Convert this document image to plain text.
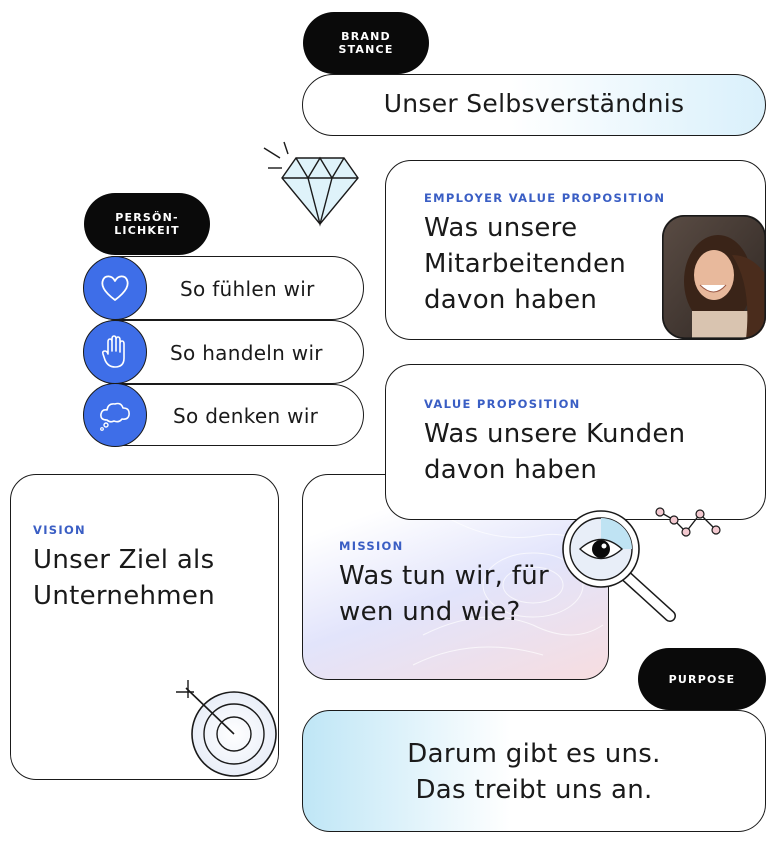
Unser Selbsverständnis
BRAND
STANCE
EMPLOYER VALUE PROPOSITION
Was unsere
Mitarbeitenden
davon haben
PERSÖN-
LICHKEIT
So fühlen wir
So handeln wir
So denken wir
VISION
Unser Ziel als
Unternehmen
MISSION
Was tun wir, für
wen und wie?
VALUE PROPOSITION
Was unsere Kunden
davon haben
Darum gibt es uns.
Das treibt uns an.
PURPOSE
